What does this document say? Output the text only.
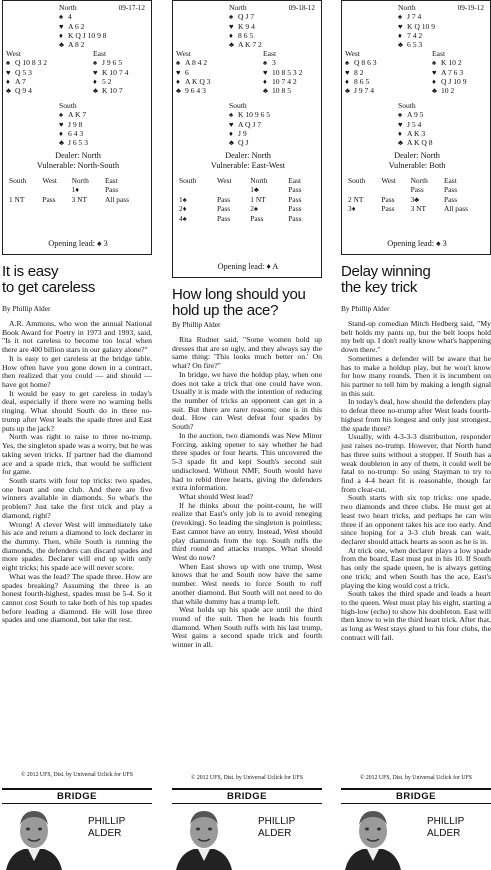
09-17-12
North
♠ 4
♥ A 6 2
♦ K Q J 10 9 8
♣ A 8 2
West
♠ Q 10 8 3 2
♥ Q 5 3
♦ A 7
♣ Q 9 4
East
♠ J 9 6 5
♥ K 10 7 4
♦ 5 2
♣ K 10 7
South
♠ A K 7
♥ J 9 8
♦ 6 4 3
♣ J 6 5 3
Dealer: North
Vulnerable: North-South
South	West	North	East
		1♦	Pass
1 NT	Pass	3 NT	All pass
Opening lead: ♠ 3
It is easy
to get careless
By Phillip Alder

A.R. Ammons, who won the annual National Book Award for Poetry in 1973 and 1993, said, "Is it not careless to become too local when there are 400 billion stars in our galaxy alone?"

It is easy to get careless at the bridge table. How often have you gone down in a contract, then realized that you could — and should — have got home?

It would be easy to get careless in today's deal, especially if there were no warning bells ringing. What should South do in three no-trump after West leads the spade three and East puts up the jack?

North was right to raise to three no-trump. Yes, the singleton spade was a worry, but he was taking seven tricks. If partner had the diamond ace and a spade trick, that would be sufficient for game.

South starts with four top tricks: two spades, one heart and one club. And there are five winners available in diamonds. So what's the problem? Just take the first trick and play a diamond, right?

Wrong! A clever West will immediately take his ace and return a diamond to lock declarer in the dummy. Then, while South is running the diamonds, the defenders can discard spades and more spades. Declarer will end up with only eight tricks; his spade ace will never score.

What was the lead? The spade three. How are spades breaking? Assuming the three is an honest fourth-highest, spades must be 5-4. So it cannot cost South to take both of his top spades before leading a diamond. He will lose three spades and one diamond, but take the rest.

© 2012 UFS, Dist. by Universal Uclick for UFS
BRIDGE
PHILLIP
ALDER
09-18-12
North
♠ Q J 7
♥ K 9 4
♦ 8 6 5
♣ A K 7 2
West
♠ A 8 4 2
♥ 6
♦ A K Q 3
♣ 9 6 4 3
East
♠ 3
♥ 10 8 5 3 2
♦ 10 7 4 2
♣ 10 8 5
South
♠ K 10 9 6 5
♥ A Q J 7
♦ J 9
♣ Q J
Dealer: North
Vulnerable: East-West
South	West	North	East
		1♣	Pass
1♠	Pass	1 NT	Pass
2♦	Pass	2♠	Pass
4♠	Pass	Pass	Pass
Opening lead: ♦ A
How long should you
hold up the ace?
By Phillip Alder

Rita Rudner said, "Some women hold up dresses that are so ugly, and they always say the same thing: 'This looks much better on.' On what? On fire?"

In bridge, we have the holdup play, when one does not take a trick that one could have won. Usually it is made with the intention of reducing the number of tricks an opponent can get in a suit. But there are rarer reasons; one is in this deal. How can West defeat four spades by South?

In the auction, two diamonds was New Minor Forcing, asking opener to say whether he had three spades or four hearts. This uncovered the 5-3 spade fit and kept South's second suit undisclosed. Without NMF, South would have had to rebid three hearts, giving the defenders extra information.

What should West lead?

If he thinks about the point-count, he will realize that East's only job is to avoid reneging (revoking). So leading the singleton is pointless; East cannot have an entry. Instead, West should play diamonds from the top. South ruffs the third round and attacks trumps. What should West do now?

When East shows up with one trump, West knows that he and South now have the same number. West needs to force South to ruff another diamond. But South will not need to do that while dummy has a trump left.

West holds up his spade ace until the third round of the suit. Then he leads his fourth diamond. When South ruffs with his last trump, West gains a second spade trick and fourth winner in all.

© 2012 UFS, Dist. by Universal Uclick for UFS
BRIDGE
PHILLIP
ALDER
09-19-12
North
♠ J 7 4
♥ K Q 10 9
♦ 7 4 2
♣ 6 5 3
West
♠ Q 8 6 3
♥ 8 2
♦ 8 6 5
♣ J 9 7 4
East
♠ K 10 2
♥ A 7 6 3
♦ Q J 10 9
♣ 10 2
South
♠ A 9 5
♥ J 5 4
♦ A K 3
♣ A K Q 8
Dealer: North
Vulnerable: Both
South	West	North	East
		Pass	Pass
2 NT	Pass	3♣	Pass
3♦	Pass	3 NT	All pass
Opening lead: ♠ 3
Delay winning
the key trick
By Phillip Alder

Stand-up comedian Mitch Hedberg said, "My belt holds my pants up, but the belt loops hold my belt up. I don't really know what's happening down there."

Sometimes a defender will be aware that he has to make a holdup play, but he won't know for how many rounds. Then it is incumbent on his partner to tell him by making a length signal in this suit.

In today's deal, how should the defenders play to defeat three no-trump after West leads fourth-highest from his longest and only just strongest, the spade three?

Usually, with 4-3-3-3 distribution, responder just raises no-trump. However, that North hand has three suits without a stopper. If South has a weak doubleton in any of them, it could well be fatal to no-trump. So using Stayman to try to find a 4-4 heart fit is reasonable, though far from clear-cut.

South starts with six top tricks: one spade, two diamonds and three clubs. He must get at least two heart tricks, and perhaps he can win three if an opponent takes his ace too early. And since hoping for a 3-3 club break can wait, declarer should attack hearts as soon as he is in.

At trick one, when declarer plays a low spade from the board, East must put in his 10. If South has only the spade queen, he is always getting one trick; and when South has the ace, East's playing the king would cost a trick.

South takes the third spade and leads a heart to the queen. West must play his eight, starting a high-low (echo) to show his doubleton. East will then know to win the third heart trick. After that, as long as West stays glued to his four clubs, the contract will fail.

© 2012 UFS, Dist. by Universal Uclick for UFS
BRIDGE
PHILLIP
ALDER
